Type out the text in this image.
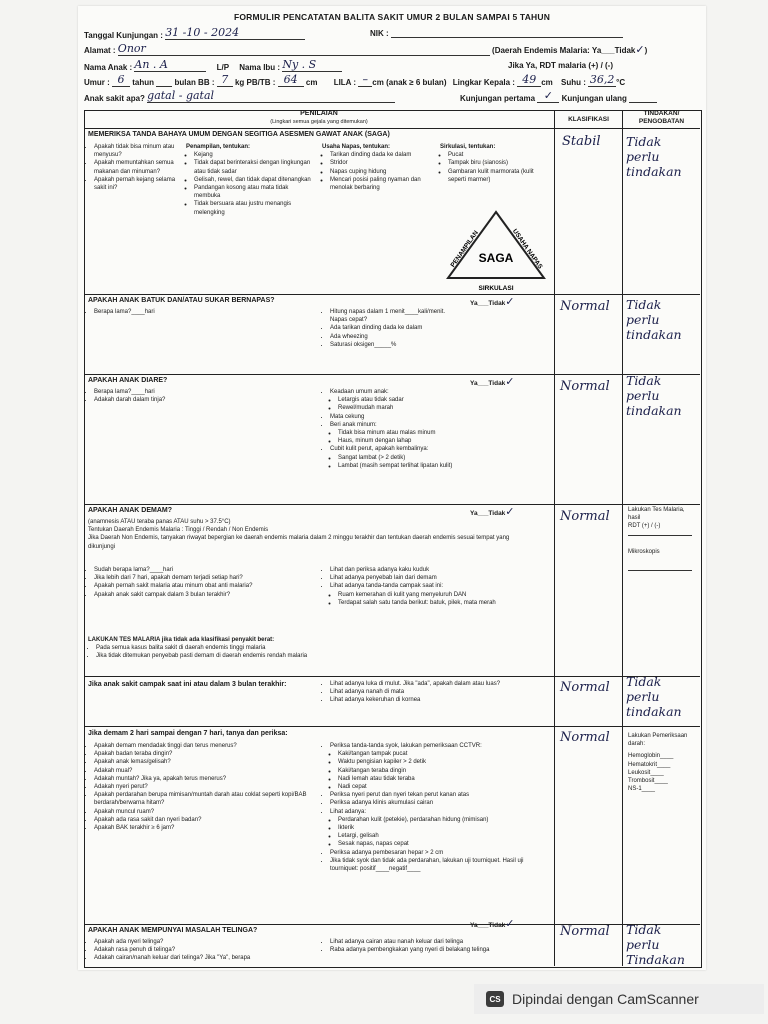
FORMULIR PENCATATAN BALITA SAKIT UMUR 2 BULAN SAMPAI 5 TAHUN
Tanggal Kunjungan : 31 -10 - 2024	NIK :
Alamat : Onor	(Daerah Endemis Malaria: Ya___Tidak✓)
Nama Anak : An . A	L/P Nama Ibu : Ny . S	Jika Ya, RDT malaria (+) / (-)
Umur : 6 tahun	bulan BB : 7 kg PB/TB : 64 cm LILA : – cm (anak ≥ 6 bulan) Lingkar Kepala : 49 cm Suhu : 36,2 °C
Anak sakit apa? gatal - gatal	Kunjungan pertama ✓ Kunjungan ulang
PENILAIAN
(Lingkari semua gejala yang ditemukan)	KLASIFIKASI
TINDAKAN/ PENGOBATAN
MEMERIKSA TANDA BAHAYA UMUM DENGAN SEGITIGA ASESMEN GAWAT ANAK (SAGA)
• Apakah tidak bisa minum atau menyusu?
• Apakah memuntahkan semua makanan dan minuman?
• Apakah pernah kejang selama sakit ini?
Penampilan, tentukan:
◦ Kejang
◦ Tidak dapat berinteraksi dengan lingkungan atau tidak sadar
◦ Gelisah, rewel, dan tidak dapat ditenangkan
◦ Pandangan kosong atau mata tidak membuka
◦ Tidak bersuara atau justru menangis melengking
Usaha Napas, tentukan:
◦ Tarikan dinding dada ke dalam
◦ Stridor
◦ Napas cuping hidung
◦ Mencari posisi paling nyaman dan menolak berbaring
Sirkulasi, tentukan:
◦ Pucat
◦ Tampak biru (sianosis)
◦ Gambaran kulit marmorata (kulit seperti marmer)
SAGA
PENAMPILAN	USAHA NAPAS
SIRKULASI
Stabil Tidak perlu tindakan
APAKAH ANAK BATUK DAN/ATAU SUKAR BERNAPAS?	Ya___Tidak✓
• Berapa lama?____hari	• Hitung napas dalam 1 menit____kali/menit.
Napas cepat?
• Ada tarikan dinding dada ke dalam
• Ada wheezing
• Saturasi oksigen_____%
Normal Tidak perlu tindakan
APAKAH ANAK DIARE?	Ya___Tidak✓
• Berapa lama?____hari
• Adakah darah dalam tinja?
• Keadaan umum anak:
◦ Letargis atau tidak sadar
◦ Rewel/mudah marah
• Mata cekung
• Beri anak minum:
◦ Tidak bisa minum atau malas minum
◦ Haus, minum dengan lahap
• Cubit kulit perut, apakah kembalinya:
◦ Sangat lambat (> 2 detik)
◦ Lambat (masih sempat terlihat lipatan kulit)
Normal Tidak perlu tindakan
APAKAH ANAK DEMAM?	Ya___Tidak✓
(anamnesis ATAU teraba panas ATAU suhu > 37.5°C)
Tentukan Daerah Endemis Malaria : Tinggi / Rendah / Non Endemis
Jika Daerah Non Endemis, tanyakan riwayat bepergian ke daerah endemis malaria dalam 2 minggu terakhir dan tentukan daerah endemis sesuai tempat yang dikunjungi
• Sudah berapa lama?____hari
• Jika lebih dari 7 hari, apakah demam terjadi setiap hari?
• Apakah pernah sakit malaria atau minum obat anti malaria?
• Apakah anak sakit campak dalam 3 bulan terakhir?
• Lihat dan periksa adanya kaku kuduk
• Lihat adanya penyebab lain dari demam
• Lihat adanya tanda-tanda campak saat ini:
◦ Ruam kemerahan di kulit yang menyeluruh DAN
◦ Terdapat salah satu tanda berikut: batuk, pilek, mata merah
LAKUKAN TES MALARIA jika tidak ada klasifikasi penyakit berat:
• Pada semua kasus balita sakit di daerah endemis tinggi malaria
• Jika tidak ditemukan penyebab pasti demam di daerah endemis rendah malaria
Normal	Lakukan Tes Malaria, hasil
RDT (+) / (-)
Mikroskopis
Jika anak sakit campak saat ini atau dalam 3 bulan terakhir:	• Lihat adanya luka di mulut. Jika "ada", apakah dalam atau luas?
• Lihat adanya nanah di mata
• Lihat adanya kekeruhan di kornea
Normal Tidak perlu tindakan
Jika demam 2 hari sampai dengan 7 hari, tanya dan periksa:
• Apakah demam mendadak tinggi dan terus menerus?
• Apakah badan teraba dingin?
• Apakah anak lemas/gelisah?
• Adakah mual?
• Adakah muntah? Jika ya, apakah terus menerus?
• Adakah nyeri perut?
• Apakah perdarahan berupa mimisan/muntah darah atau coklat seperti kopi/BAB berdarah/berwarna hitam?
• Apakah muncul ruam?
• Apakah ada rasa sakit dan nyeri badan?
• Apakah BAK terakhir ≥ 6 jam?
• Periksa tanda-tanda syok, lakukan pemeriksaan CCTVR:
◦ Kaki/tangan tampak pucat
◦ Waktu pengisian kapiler > 2 detik
◦ Kaki/tangan teraba dingin
◦ Nadi lemah atau tidak teraba
◦ Nadi cepat
• Periksa nyeri perut dan nyeri tekan perut kanan atas
• Periksa adanya klinis akumulasi cairan
• Lihat adanya:
◦ Perdarahan kulit (petekie), perdarahan hidung (mimisan)
◦ Ikterik
◦ Letargi, gelisah
◦ Sesak napas, napas cepat
• Periksa adanya pembesaran hepar > 2 cm
• Jika tidak syok dan tidak ada perdarahan, lakukan uji tourniquet. Hasil uji tourniquet: positif____negatif____
Normal	Lakukan Pemeriksaan darah:
Hemoglobin____
Hematokrit____
Leukosit____
Trombosit____
NS-1____
Ya___Tidak✓
APAKAH ANAK MEMPUNYAI MASALAH TELINGA?
• Apakah ada nyeri telinga?
• Adakah rasa penuh di telinga?
• Adakah cairan/nanah keluar dari telinga? Jika "Ya", berapa
• Lihat adanya cairan atau nanah keluar dari telinga
• Raba adanya pembengkakan yang nyeri di belakang telinga
Normal Tidak perlu Tindakan
CS Dipindai dengan CamScanner
